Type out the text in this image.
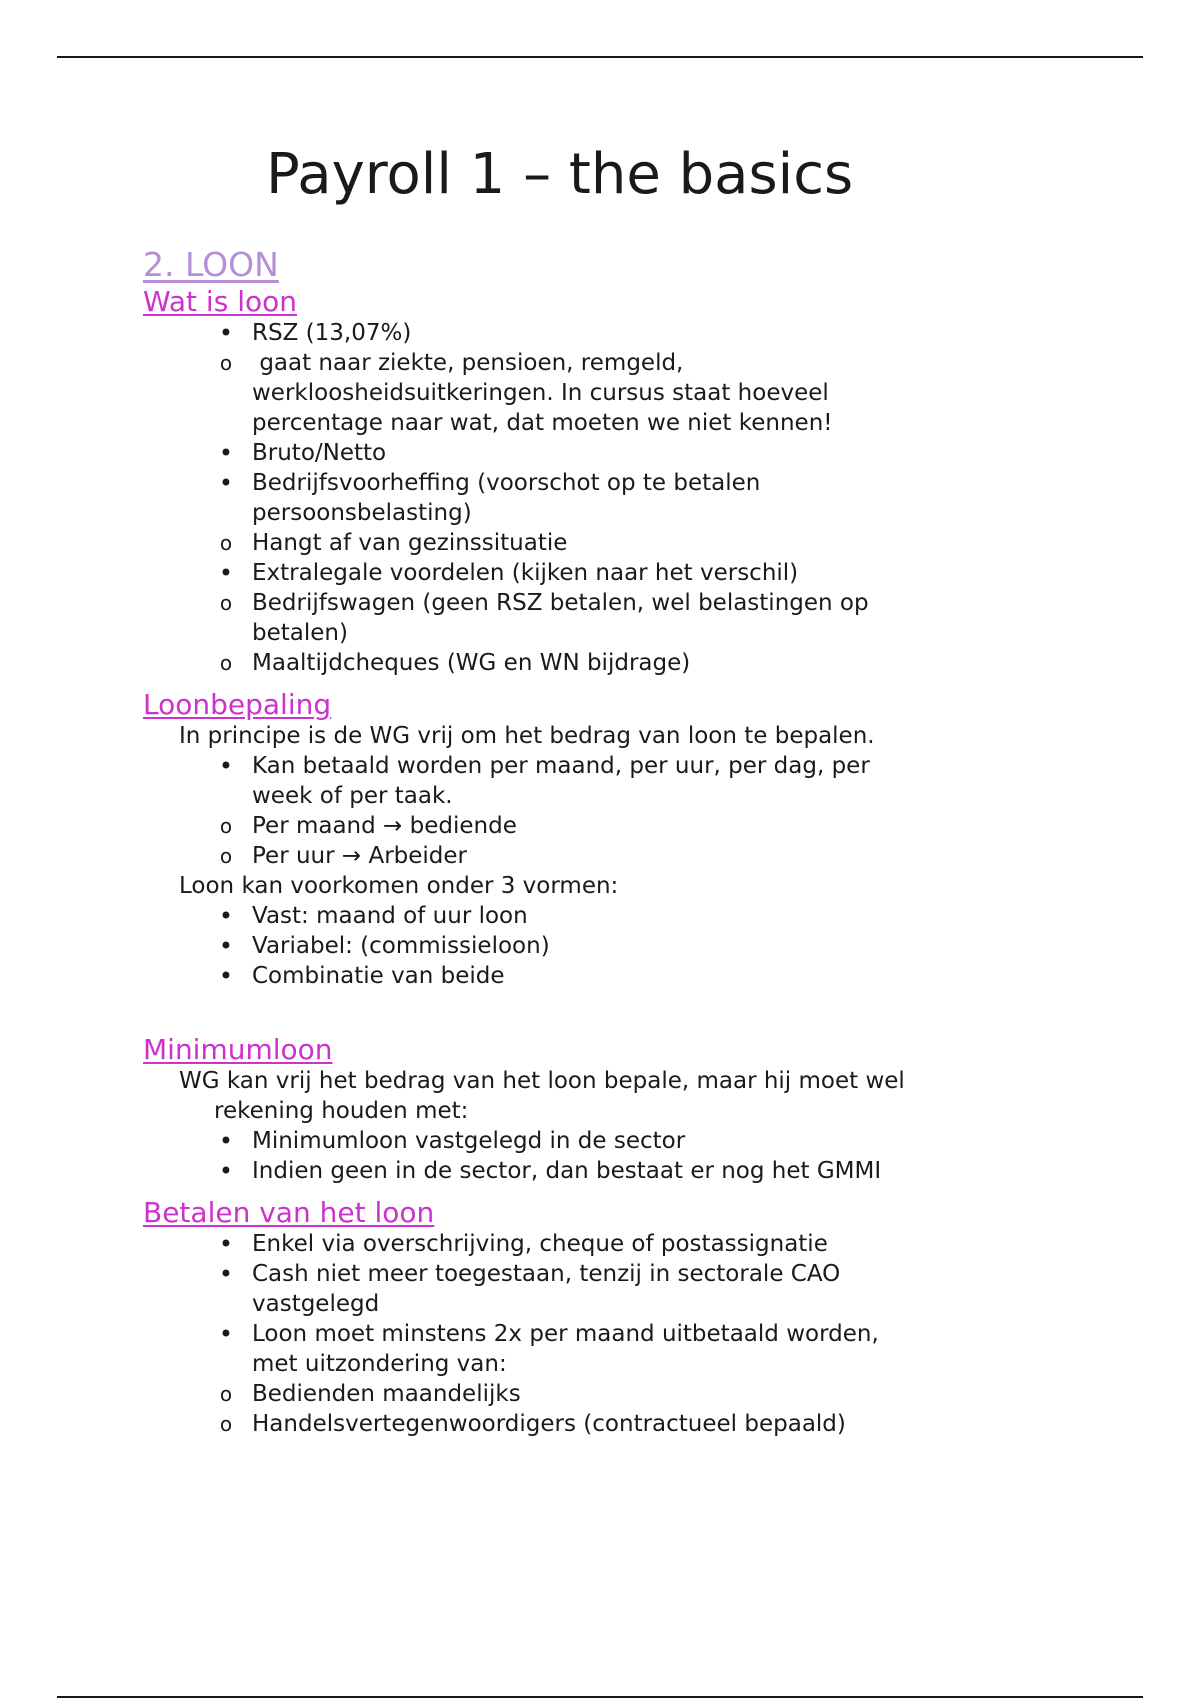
Payroll 1 – the basics
2. LOON
Wat is loon
• RSZ (13,07%)
o gaat naar ziekte, pensioen, remgeld, werkloosheidsuitkeringen. In cursus staat hoeveel percentage naar wat, dat moeten we niet kennen!
• Bruto/Netto
• Bedrijfsvoorheffing (voorschot op te betalen persoonsbelasting)
o Hangt af van gezinssituatie
• Extralegale voordelen (kijken naar het verschil)
o Bedrijfswagen (geen RSZ betalen, wel belastingen op betalen)
o Maaltijdcheques (WG en WN bijdrage)
Loonbepaling

In principe is de WG vrij om het bedrag van loon te bepalen.

• Kan betaald worden per maand, per uur, per dag, per week of per taak.
o Per maand → bediende
o Per uur → Arbeider

Loon kan voorkomen onder 3 vormen:

• Vast: maand of uur loon
• Variabel: (commissieloon)
• Combinatie van beide
Minimumloon

WG kan vrij het bedrag van het loon bepale, maar hij moet wel rekening houden met:

• Minimumloon vastgelegd in de sector
• Indien geen in de sector, dan bestaat er nog het GMMI
Betalen van het loon
• Enkel via overschrijving, cheque of postassignatie
• Cash niet meer toegestaan, tenzij in sectorale CAO vastgelegd
• Loon moet minstens 2x per maand uitbetaald worden, met uitzondering van:
o Bedienden maandelijks
o Handelsvertegenwoordigers (contractueel bepaald)
